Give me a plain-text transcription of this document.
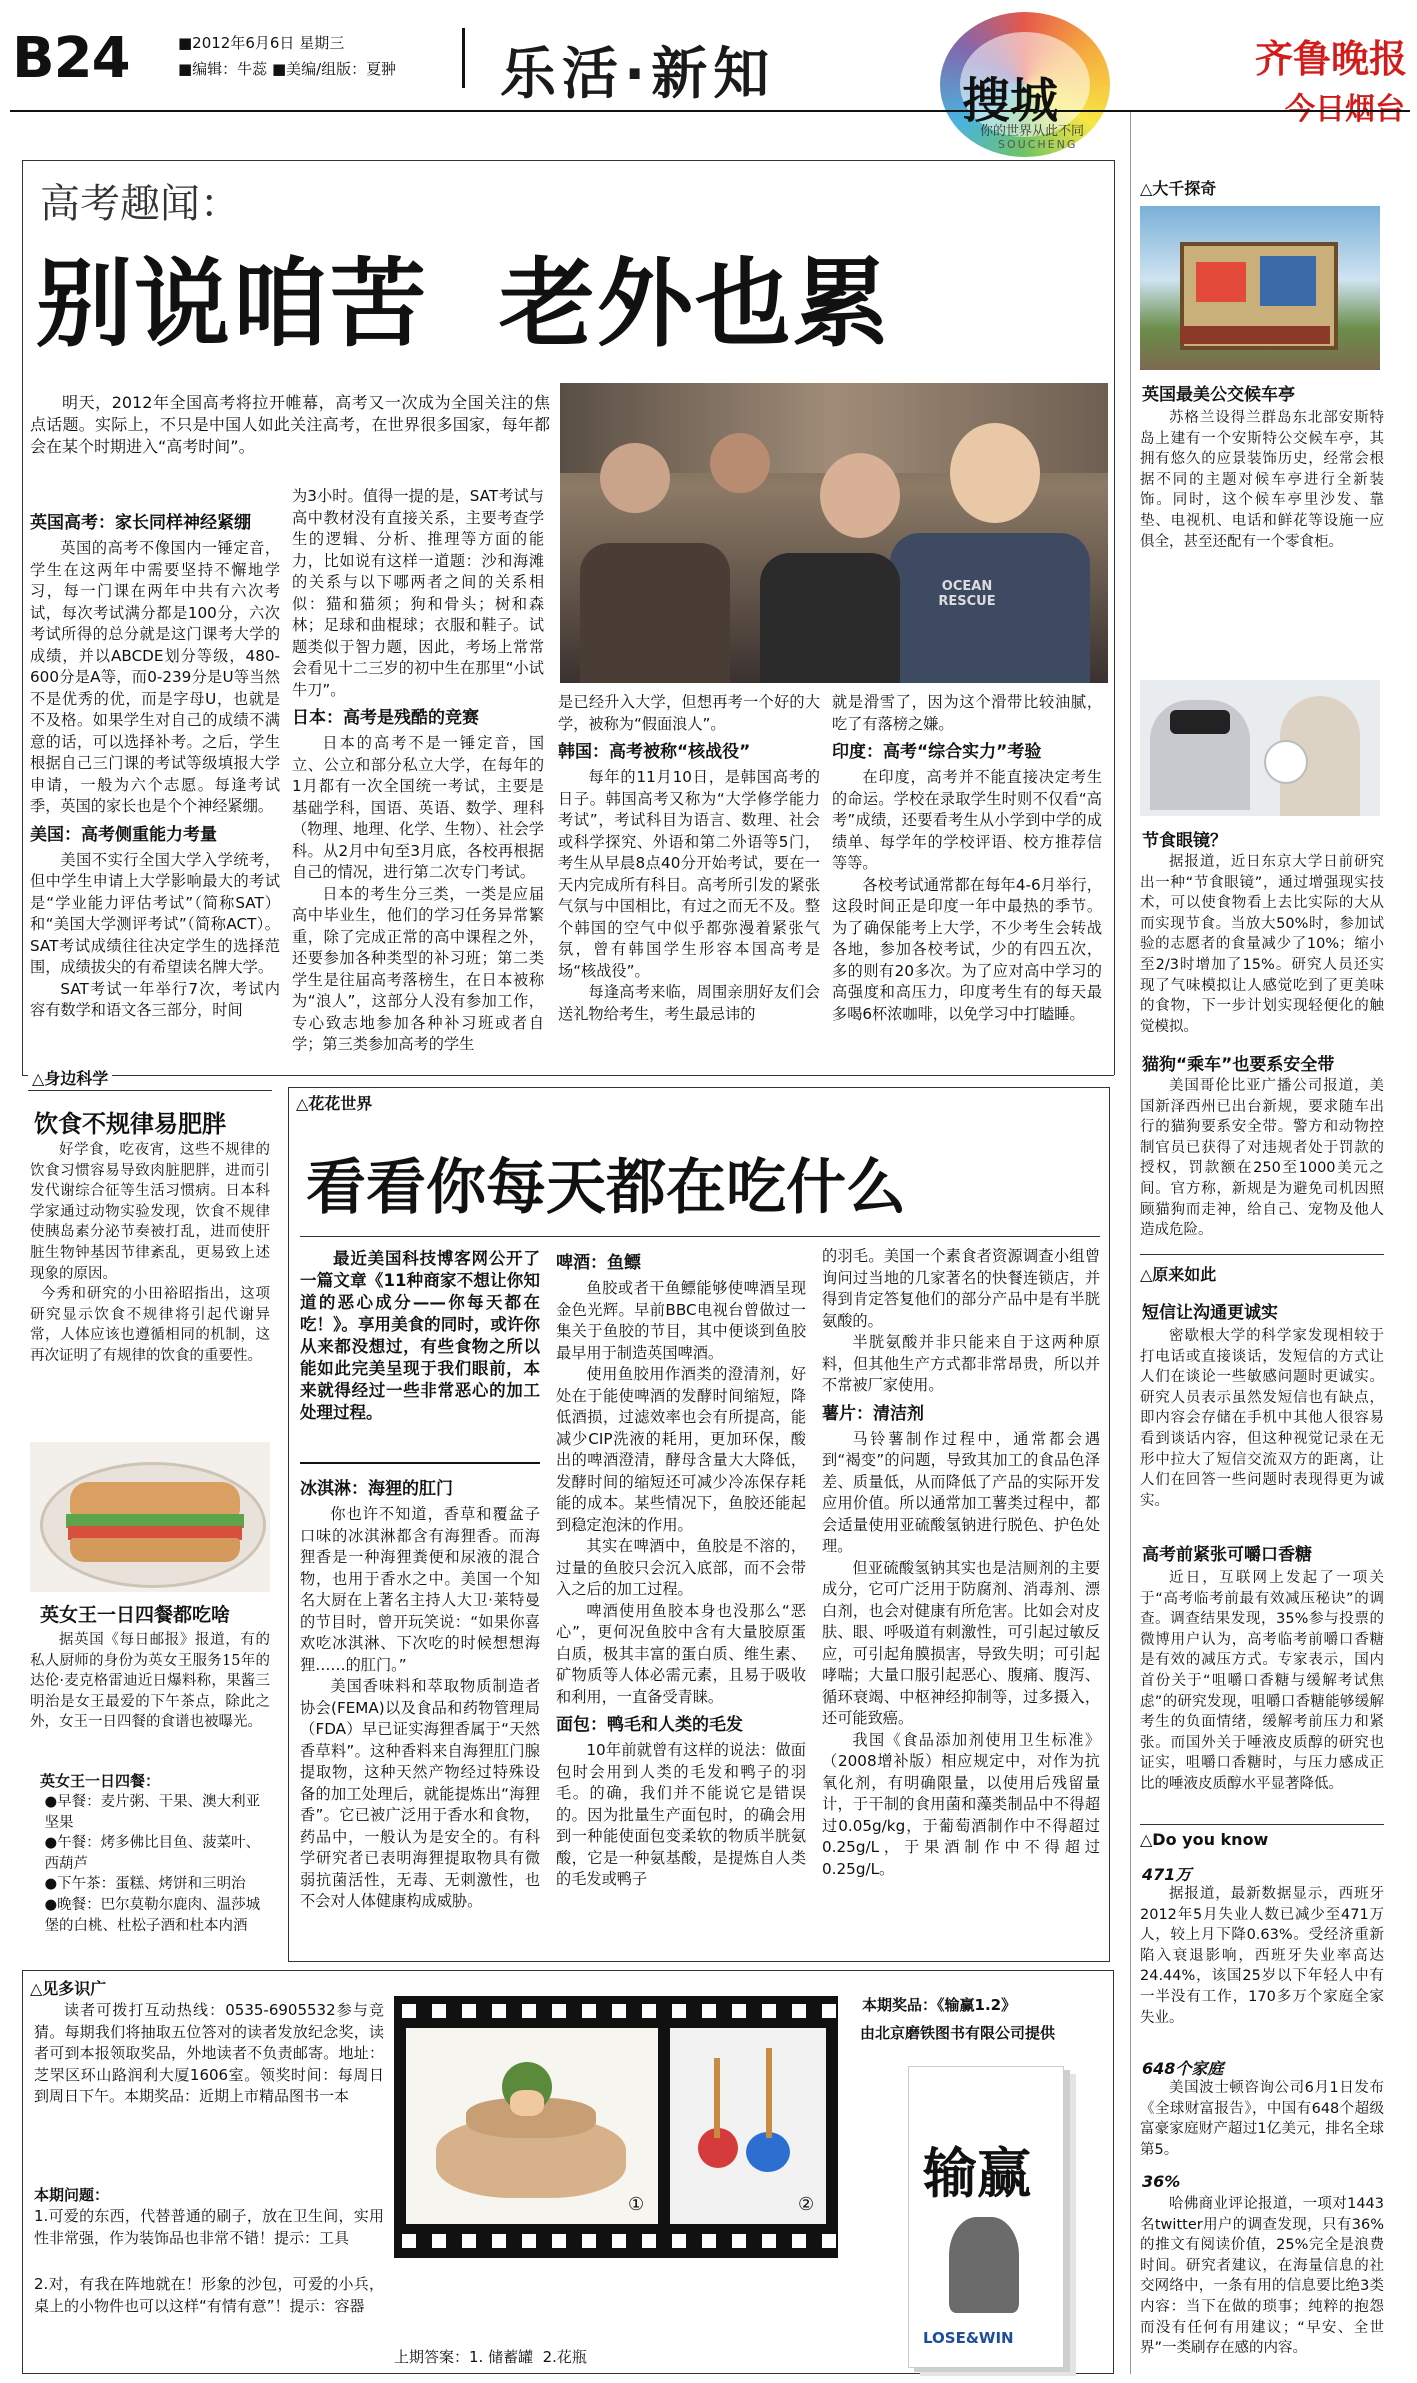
B24	■2012年6月6日 星期三
■编辑：牛蕊 ■美编/组版：夏翀 乐活·新知	搜城
你的世界从此不同
SOUCHENG
齐鲁晚报
今日烟台
高考趣闻：
别说咱苦  老外也累
明天，2012年全国高考将拉开帷幕，高考又一次成为全国关注的焦点话题。实际上，不只是中国人如此关注高考，在世界很多国家，每年都会在某个时期进入“高考时间”。
OCEAN RESCUE
英国高考：家长同样神经紧绷
英国的高考不像国内一锤定音，学生在这两年中需要坚持不懈地学习，每一门课在两年中共有六次考试，每次考试满分都是100分，六次考试所得的总分就是这门课考大学的成绩，并以ABCDE划分等级，480-600分是A等，而0-239分是U等当然不是优秀的优，而是字母U，也就是不及格。如果学生对自己的成绩不满意的话，可以选择补考。之后，学生根据自己三门课的考试等级填报大学申请，一般为六个志愿。每逢考试季，英国的家长也是个个神经紧绷。
美国：高考侧重能力考量
美国不实行全国大学入学统考，但中学生申请上大学影响最大的考试是“学业能力评估考试”（简称SAT）和“美国大学测评考试”（简称ACT）。SAT考试成绩往往决定学生的选择范围，成绩拔尖的有希望读名牌大学。
SAT考试一年举行7次，考试内容有数学和语文各三部分，时间
为3小时。值得一提的是，SAT考试与高中教材没有直接关系，主要考查学生的逻辑、分析、推理等方面的能力，比如说有这样一道题：沙和海滩的关系与以下哪两者之间的关系相似：猫和猫须；狗和骨头；树和森林；足球和曲棍球；衣服和鞋子。试题类似于智力题，因此，考场上常常会看见十二三岁的初中生在那里“小试牛刀”。
日本：高考是残酷的竞赛
日本的高考不是一锤定音，国立、公立和部分私立大学，在每年的1月都有一次全国统一考试，主要是基础学科，国语、英语、数学、理科（物理、地理、化学、生物）、社会学科。从2月中旬至3月底，各校再根据自己的情况，进行第二次专门考试。
日本的考生分三类，一类是应届高中毕业生，他们的学习任务异常繁重，除了完成正常的高中课程之外，还要参加各种类型的补习班；第二类学生是往届高考落榜生，在日本被称为“浪人”，这部分人没有参加工作，专心致志地参加各种补习班或者自学；第三类参加高考的学生
是已经升入大学，但想再考一个好的大学，被称为“假面浪人”。
韩国：高考被称“核战役”
每年的11月10日，是韩国高考的日子。韩国高考又称为“大学修学能力考试”，考试科目为语言、数理、社会或科学探究、外语和第二外语等5门，考生从早晨8点40分开始考试，要在一天内完成所有科目。高考所引发的紧张气氛与中国相比，有过之而无不及。整个韩国的空气中似乎都弥漫着紧张气氛，曾有韩国学生形容本国高考是场“核战役”。
每逢高考来临，周围亲朋好友们会送礼物给考生，考生最忌讳的
就是滑雪了，因为这个滑带比较油腻，吃了有落榜之嫌。
印度：高考“综合实力”考验
在印度，高考并不能直接决定考生的命运。学校在录取学生时则不仅看“高考”成绩，还要看考生从小学到中学的成绩单、每学年的学校评语、校方推荐信等等。
各校考试通常都在每年4-6月举行，这段时间正是印度一年中最热的季节。为了确保能考上大学，不少考生会转战各地，参加各校考试，少的有四五次，多的则有20多次。为了应对高中学习的高强度和高压力，印度考生有的每天最多喝6杯浓咖啡，以免学习中打瞌睡。
△身边科学
饮食不规律易肥胖
好学食，吃夜宵，这些不规律的饮食习惯容易导致肉脏肥胖，进而引发代谢综合征等生活习惯病。日本科学家通过动物实验发现，饮食不规律使胰岛素分泌节奏被打乱，进而使肝脏生物钟基因节律紊乱，更易致上述现象的原因。
今秀和研究的小田裕昭指出，这项研究显示饮食不规律将引起代谢异常，人体应该也遵循相同的机制，这再次证明了有规律的饮食的重要性。
英女王一日四餐都吃啥
据英国《每日邮报》报道，有的私人厨师的身份为英女王服务15年的达伦·麦克格雷迪近日爆料称，果酱三明治是女王最爱的下午茶点，除此之外，女王一日四餐的食谱也被曝光。
英女王一日四餐：
●早餐：麦片粥、干果、澳大利亚坚果
●午餐：烤多佛比目鱼、菠菜叶、西葫芦
●下午茶：蛋糕、烤饼和三明治
●晚餐：巴尔莫勒尔鹿肉、温莎城堡的白桃、杜松子酒和杜本内酒
△花花世界
看看你每天都在吃什么
最近美国科技博客网公开了一篇文章《11种商家不想让你知道的恶心成分——你每天都在吃！》。享用美食的同时，或许你从来都没想过，有些食物之所以能如此完美呈现于我们眼前，本来就得经过一些非常恶心的加工处理过程。
冰淇淋：海狸的肛门
你也许不知道，香草和覆盆子口味的冰淇淋都含有海狸香。而海狸香是一种海狸粪便和尿液的混合物，也用于香水之中。美国一个知名大厨在上著名主持人大卫·莱特曼的节目时，曾开玩笑说：“如果你喜欢吃冰淇淋、下次吃的时候想想海狸……的肛门。”
美国香味料和萃取物质制造者协会(FEMA)以及食品和药物管理局（FDA）早已证实海狸香属于“天然香草料”。这种香料来自海狸肛门腺提取物，这种天然产物经过特殊设备的加工处理后，就能提炼出“海狸香”。它已被广泛用于香水和食物，药品中，一般认为是安全的。有科学研究者已表明海狸提取物具有微弱抗菌活性，无毒、无刺激性，也不会对人体健康构成威胁。
啤酒：鱼鳔
鱼胶或者干鱼鳔能够使啤酒呈现金色光辉。早前BBC电视台曾做过一集关于鱼胶的节目，其中便谈到鱼胶最早用于制造英国啤酒。
使用鱼胶用作酒类的澄清剂，好处在于能使啤酒的发酵时间缩短，降低酒损，过滤效率也会有所提高，能减少CIP洗液的耗用，更加环保，酸出的啤酒澄清，酵母含量大大降低，发酵时间的缩短还可减少冷冻保存耗能的成本。某些情况下，鱼胶还能起到稳定泡沫的作用。
其实在啤酒中，鱼胶是不溶的，过量的鱼胶只会沉入底部，而不会带入之后的加工过程。
啤酒使用鱼胶本身也没那么“恶心”，更何况鱼胶中含有大量胶原蛋白质，极其丰富的蛋白质、维生素、矿物质等人体必需元素，且易于吸收和利用，一直备受青睐。
面包：鸭毛和人类的毛发
10年前就曾有这样的说法：做面包时会用到人类的毛发和鸭子的羽毛。的确，我们并不能说它是错误的。因为批量生产面包时，的确会用到一种能使面包变柔软的物质半胱氨酸，它是一种氨基酸，是提炼自人类的毛发或鸭子
的羽毛。美国一个素食者资源调查小组曾询问过当地的几家著名的快餐连锁店，并得到肯定答复他们的部分产品中是有半胱氨酸的。
半胱氨酸并非只能来自于这两种原料，但其他生产方式都非常昂贵，所以并不常被厂家使用。
薯片：清洁剂
马铃薯制作过程中，通常都会遇到“褐变”的问题，导致其加工的食品色泽差、质量低，从而降低了产品的实际开发应用价值。所以通常加工薯类过程中，都会适量使用亚硫酸氢钠进行脱色、护色处理。
但亚硫酸氢钠其实也是洁厕剂的主要成分，它可广泛用于防腐剂、消毒剂、漂白剂，也会对健康有所危害。比如会对皮肤、眼、呼吸道有刺激性，可引起过敏反应，可引起角膜损害，导致失明；可引起哮喘；大量口服引起恶心、腹痛、腹泻、循环衰竭、中枢神经抑制等，过多摄入，还可能致癌。
我国《食品添加剂使用卫生标准》（2008增补版）相应规定中，对作为抗氧化剂，有明确限量，以使用后残留量计，于干制的食用菌和藻类制品中不得超过0.05g/kg，于葡萄酒制作中不得超过0.25g/L，于果酒制作中不得超过0.25g/L。
△大千探奇
英国最美公交候车亭
苏格兰设得兰群岛东北部安斯特岛上建有一个安斯特公交候车亭，其拥有悠久的应景装饰历史，经常会根据不同的主题对候车亭进行全新装饰。同时，这个候车亭里沙发、靠垫、电视机、电话和鲜花等设施一应俱全，甚至还配有一个零食柜。
节食眼镜？
据报道，近日东京大学日前研究出一种“节食眼镜”，通过增强现实技术，可以使食物看上去比实际的大从而实现节食。当放大50%时，参加试验的志愿者的食量减少了10%；缩小至2/3时增加了15%。研究人员还实现了气味模拟让人感觉吃到了更美味的食物，下一步计划实现轻便化的触觉模拟。
猫狗“乘车”也要系安全带
美国哥伦比亚广播公司报道，美国新泽西州已出台新规，要求随车出行的猫狗要系安全带。警方和动物控制官员已获得了对违规者处于罚款的授权，罚款额在250至1000美元之间。官方称，新规是为避免司机因照顾猫狗而走神，给自己、宠物及他人造成危险。
△原来如此
短信让沟通更诚实
密歇根大学的科学家发现相较于打电话或直接谈话，发短信的方式让人们在谈论一些敏感问题时更诚实。研究人员表示虽然发短信也有缺点，即内容会存储在手机中其他人很容易看到谈话内容，但这种视觉记录在无形中拉大了短信交流双方的距离，让人们在回答一些问题时表现得更为诚实。
高考前紧张可嚼口香糖
近日，互联网上发起了一项关于“高考临考前最有效减压秘诀”的调查。调查结果发现，35%参与投票的微博用户认为，高考临考前嚼口香糖是有效的减压方式。专家表示，国内首份关于“咀嚼口香糖与缓解考试焦虑”的研究发现，咀嚼口香糖能够缓解考生的负面情绪，缓解考前压力和紧张。而国外关于唾液皮质醇的研究也证实，咀嚼口香糖时，与压力感成正比的唾液皮质醇水平显著降低。
△Do you know
471万
据报道，最新数据显示，西班牙2012年5月失业人数已减少至471万人，较上月下降0.63%。受经济重新陷入衰退影响，西班牙失业率高达24.44%，该国25岁以下年轻人中有一半没有工作，170多万个家庭全家失业。
648个家庭
美国波士顿咨询公司6月1日发布《全球财富报告》，中国有648个超级富豪家庭财产超过1亿美元，排名全球第5。
36%
哈佛商业评论报道，一项对1443名twitter用户的调查发现，只有36%的推文有阅读价值，25%完全是浪费时间。研究者建议，在海量信息的社交网络中，一条有用的信息要比绝3类内容：当下在做的琐事；纯粹的抱怨而没有任何有用建议；“早安、全世界”一类刷存在感的内容。
△见多识广
读者可拨打互动热线：0535-6905532参与竞猜。每期我们将抽取五位答对的读者发放纪念奖，读者可到本报领取奖品，外地读者不负责邮寄。地址：芝罘区环山路润利大厦1606室。领奖时间：每周日到周日下午。本期奖品：近期上市精品图书一本
本期问题：
1.可爱的东西，代替普通的刷子，放在卫生间，实用性非常强，作为装饰品也非常不错！提示：工具
2.对，有我在阵地就在！形象的沙包，可爱的小兵，桌上的小物件也可以这样“有情有意”！提示：容器
①	②
上期答案：1. 储蓄罐  2.花瓶
本期奖品：《输赢1.2》
由北京磨铁图书有限公司提供
输赢
LOSE&WIN
